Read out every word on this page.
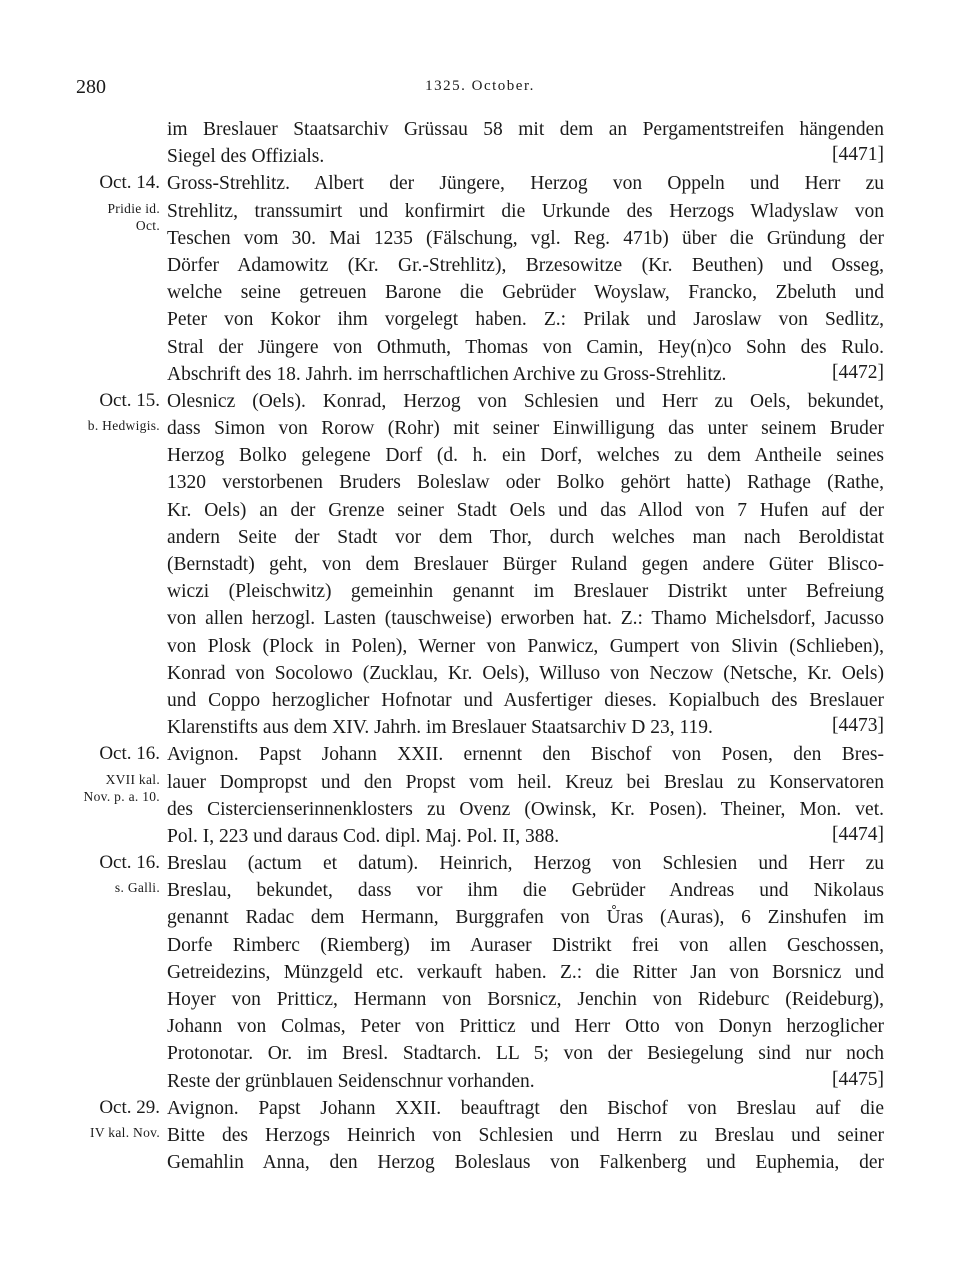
280	1325. October.
im Breslauer Staatsarchiv Grüssau 58 mit dem an Pergamentstreifen hängenden
Siegel des Offizials.	[4471]
Oct. 14. Gross-Strehlitz. Albert der Jüngere, Herzog von Oppeln und Herr zu
Pridie id. Strehlitz, transsumirt und konfirmirt die Urkunde des Herzogs Wladyslaw von
Oct.
Teschen vom 30. Mai 1235 (Fälschung, vgl. Reg. 471b) über die Gründung der
Dörfer Adamowitz (Kr. Gr.-Strehlitz), Brzesowitze (Kr. Beuthen) und Osseg,
welche seine getreuen Barone die Gebrüder Woyslaw, Francko, Zbeluth und
Peter von Kokor ihm vorgelegt haben. Z.: Prilak und Jaroslaw von Sedlitz,
Stral der Jüngere von Othmuth, Thomas von Camin, Hey(n)co Sohn des Rulo.
Abschrift des 18. Jahrh. im herrschaftlichen Archive zu Gross-Strehlitz.	[4472]
Oct. 15. Olesnicz (Oels). Konrad, Herzog von Schlesien und Herr zu Oels, bekundet,
b. Hedwigis. dass Simon von Rorow (Rohr) mit seiner Einwilligung das unter seinem Bruder
Herzog Bolko gelegene Dorf (d. h. ein Dorf, welches zu dem Antheile seines
1320 verstorbenen Bruders Boleslaw oder Bolko gehört hatte) Rathage (Rathe,
Kr. Oels) an der Grenze seiner Stadt Oels und das Allod von 7 Hufen auf der
andern Seite der Stadt vor dem Thor, durch welches man nach Beroldistat
(Bernstadt) geht, von dem Breslauer Bürger Ruland gegen andere Güter Blisco-
wiczi (Pleischwitz) gemeinhin genannt im Breslauer Distrikt unter Befreiung
von allen herzogl. Lasten (tauschweise) erworben hat. Z.: Thamo Michelsdorf, Jacusso
von Plosk (Plock in Polen), Werner von Panwicz, Gumpert von Slivin (Schlieben),
Konrad von Socolowo (Zucklau, Kr. Oels), Willuso von Neczow (Netsche, Kr. Oels)
und Coppo herzoglicher Hofnotar und Ausfertiger dieses. Kopialbuch des Breslauer
Klarenstifts aus dem XIV. Jahrh. im Breslauer Staatsarchiv D 23, 119.	[4473]
Oct. 16. Avignon. Papst Johann XXII. ernennt den Bischof von Posen, den Bres-
XVII kal. lauer Dompropst und den Propst vom heil. Kreuz bei Breslau zu Konservatoren
Nov. p. a. 10.
des Cistercienserinnenklosters zu Ovenz (Owinsk, Kr. Posen). Theiner, Mon. vet.
Pol. I, 223 und daraus Cod. dipl. Maj. Pol. II, 388.	[4474]
Oct. 16. Breslau (actum et datum). Heinrich, Herzog von Schlesien und Herr zu
s. Galli. Breslau, bekundet, dass vor ihm die Gebrüder Andreas und Nikolaus
genannt Radac dem Hermann, Burggrafen von Ůras (Auras), 6 Zinshufen im
Dorfe Rimberc (Riemberg) im Auraser Distrikt frei von allen Geschossen,
Getreidezins, Münzgeld etc. verkauft haben. Z.: die Ritter Jan von Borsnicz und
Hoyer von Pritticz, Hermann von Borsnicz, Jenchin von Rideburc (Reideburg),
Johann von Colmas, Peter von Pritticz und Herr Otto von Donyn herzoglicher
Protonotar. Or. im Bresl. Stadtarch. LL 5; von der Besiegelung sind nur noch
Reste der grünblauen Seidenschnur vorhanden.	[4475]
Oct. 29. Avignon. Papst Johann XXII. beauftragt den Bischof von Breslau auf die
IV kal. Nov. Bitte des Herzogs Heinrich von Schlesien und Herrn zu Breslau und seiner
Gemahlin Anna, den Herzog Boleslaus von Falkenberg und Euphemia, der
